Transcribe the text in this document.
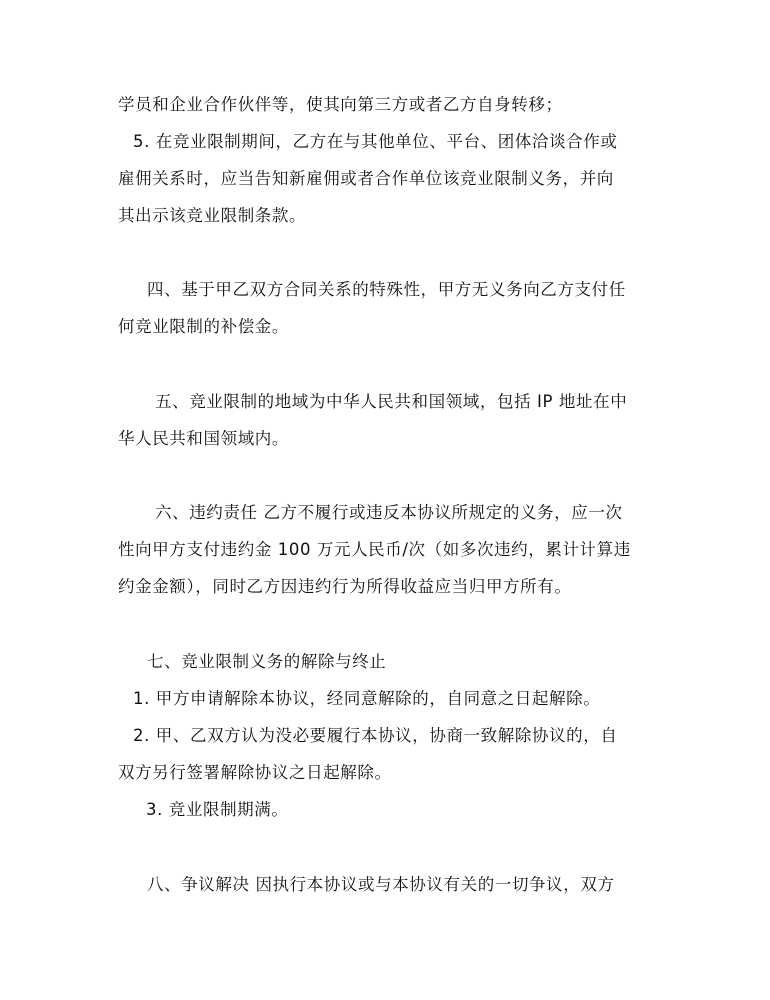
学员和企业合作伙伴等，使其向第三方或者乙方自身转移；
5. 在竞业限制期间，乙方在与其他单位、平台、团体洽谈合作或
雇佣关系时，应当告知新雇佣或者合作单位该竞业限制义务，并向
其出示该竞业限制条款。
四、基于甲乙双方合同关系的特殊性，甲方无义务向乙方支付任
何竞业限制的补偿金。
五、竞业限制的地域为中华人民共和国领域，包括 IP 地址在中
华人民共和国领域内。
六、违约责任 乙方不履行或违反本协议所规定的义务，应一次
性向甲方支付违约金 100 万元人民币/次（如多次违约，累计计算违
约金金额），同时乙方因违约行为所得收益应当归甲方所有。
七、竞业限制义务的解除与终止
1. 甲方申请解除本协议，经同意解除的，自同意之日起解除。
2. 甲、乙双方认为没必要履行本协议，协商一致解除协议的，自
双方另行签署解除协议之日起解除。
3. 竞业限制期满。
八、争议解决 因执行本协议或与本协议有关的一切争议，双方
